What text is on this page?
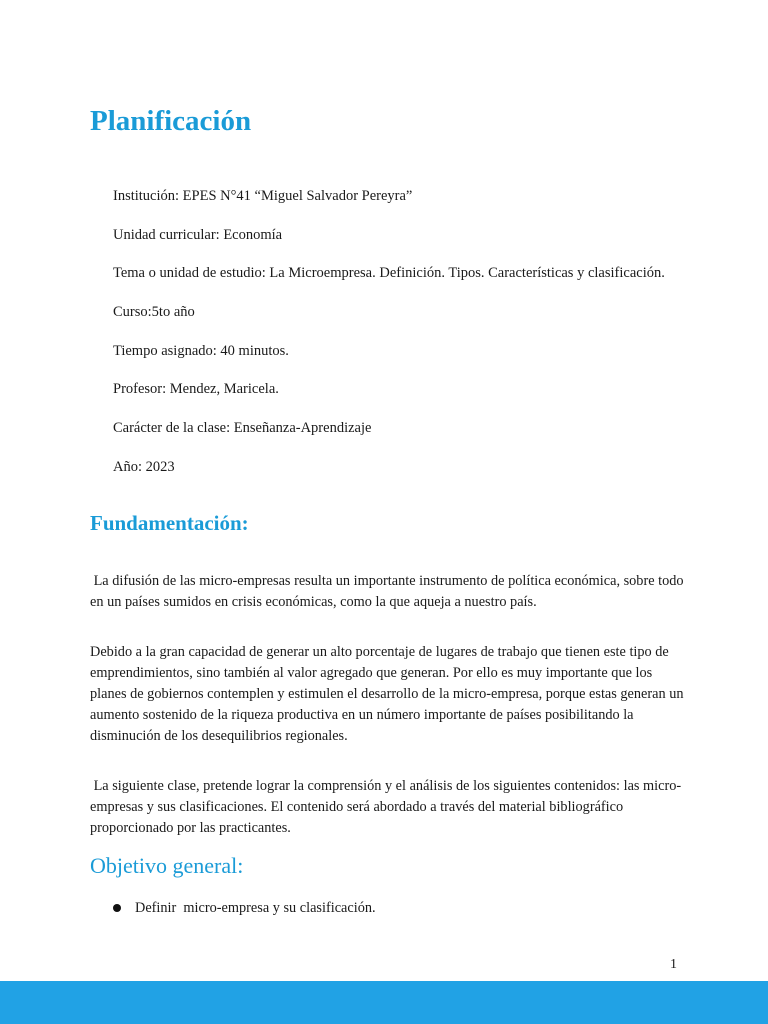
Planificación
Institución: EPES N°41 “Miguel Salvador Pereyra”
Unidad curricular: Economía
Tema o unidad de estudio: La Microempresa. Definición. Tipos. Características y clasificación.
Curso:5to año
Tiempo asignado: 40 minutos.
Profesor: Mendez, Maricela.
Carácter de la clase: Enseñanza-Aprendizaje
Año: 2023
Fundamentación:

La difusión de las micro-empresas resulta un importante instrumento de política económica, sobre todo en un países sumidos en crisis económicas, como la que aqueja a nuestro país.

Debido a la gran capacidad de generar un alto porcentaje de lugares de trabajo que tienen este tipo de emprendimientos, sino también al valor agregado que generan. Por ello es muy importante que los planes de gobiernos contemplen y estimulen el desarrollo de la micro-empresa, porque estas generan un aumento sostenido de la riqueza productiva en un número importante de países posibilitando la disminución de los desequilibrios regionales.

La siguiente clase, pretende lograr la comprensión y el análisis de los siguientes contenidos: las micro-empresas y sus clasificaciones. El contenido será abordado a través del material bibliográfico proporcionado por las practicantes.

Objetivo general:
Definir  micro-empresa y su clasificación.
1
